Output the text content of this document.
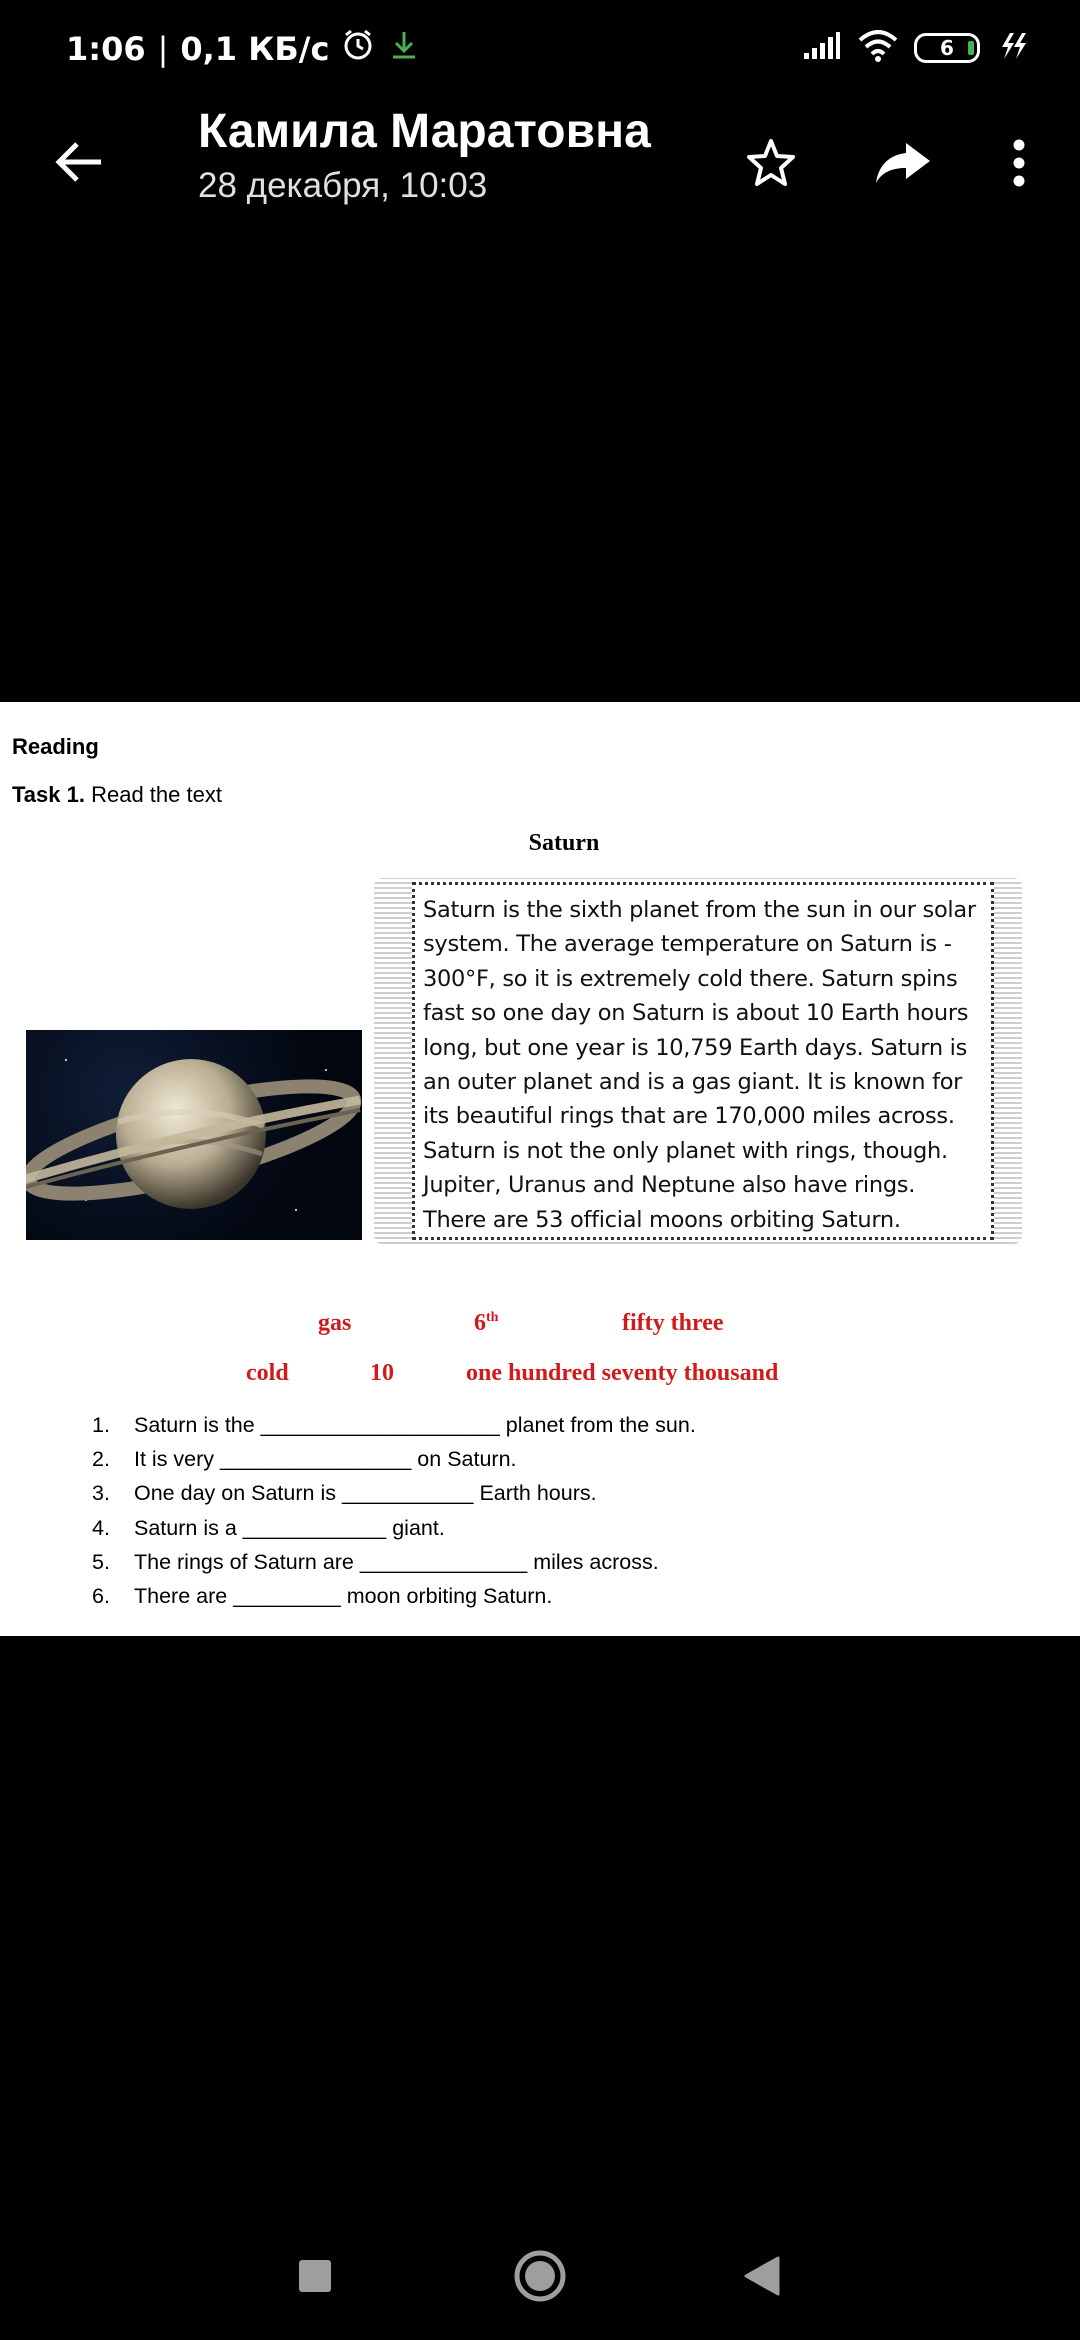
1:06 | 0,1 КБ/с	6
Камила Маратовна
28 декабря, 10:03
Reading
Task 1. Read the text
Saturn
Saturn is the sixth planet from the sun in our solar
system. The average temperature on Saturn is -
300°F, so it is extremely cold there. Saturn spins
fast so one day on Saturn is about 10 Earth hours
long, but one year is 10,759 Earth days. Saturn is
an outer planet and is a gas giant. It is known for
its beautiful rings that are 170,000 miles across.
Saturn is not the only planet with rings, though.
Jupiter, Uranus and Neptune also have rings.
There are 53 official moons orbiting Saturn.
gas	6th	fifty three
cold	10	one hundred seventy thousand
1.	Saturn is the ____________________ planet from the sun.
2.	It is very ________________ on Saturn.
3.	One day on Saturn is ___________ Earth hours.
4.	Saturn is a ____________ giant.
5.	The rings of Saturn are ______________ miles across.
6.	There are _________ moon orbiting Saturn.
